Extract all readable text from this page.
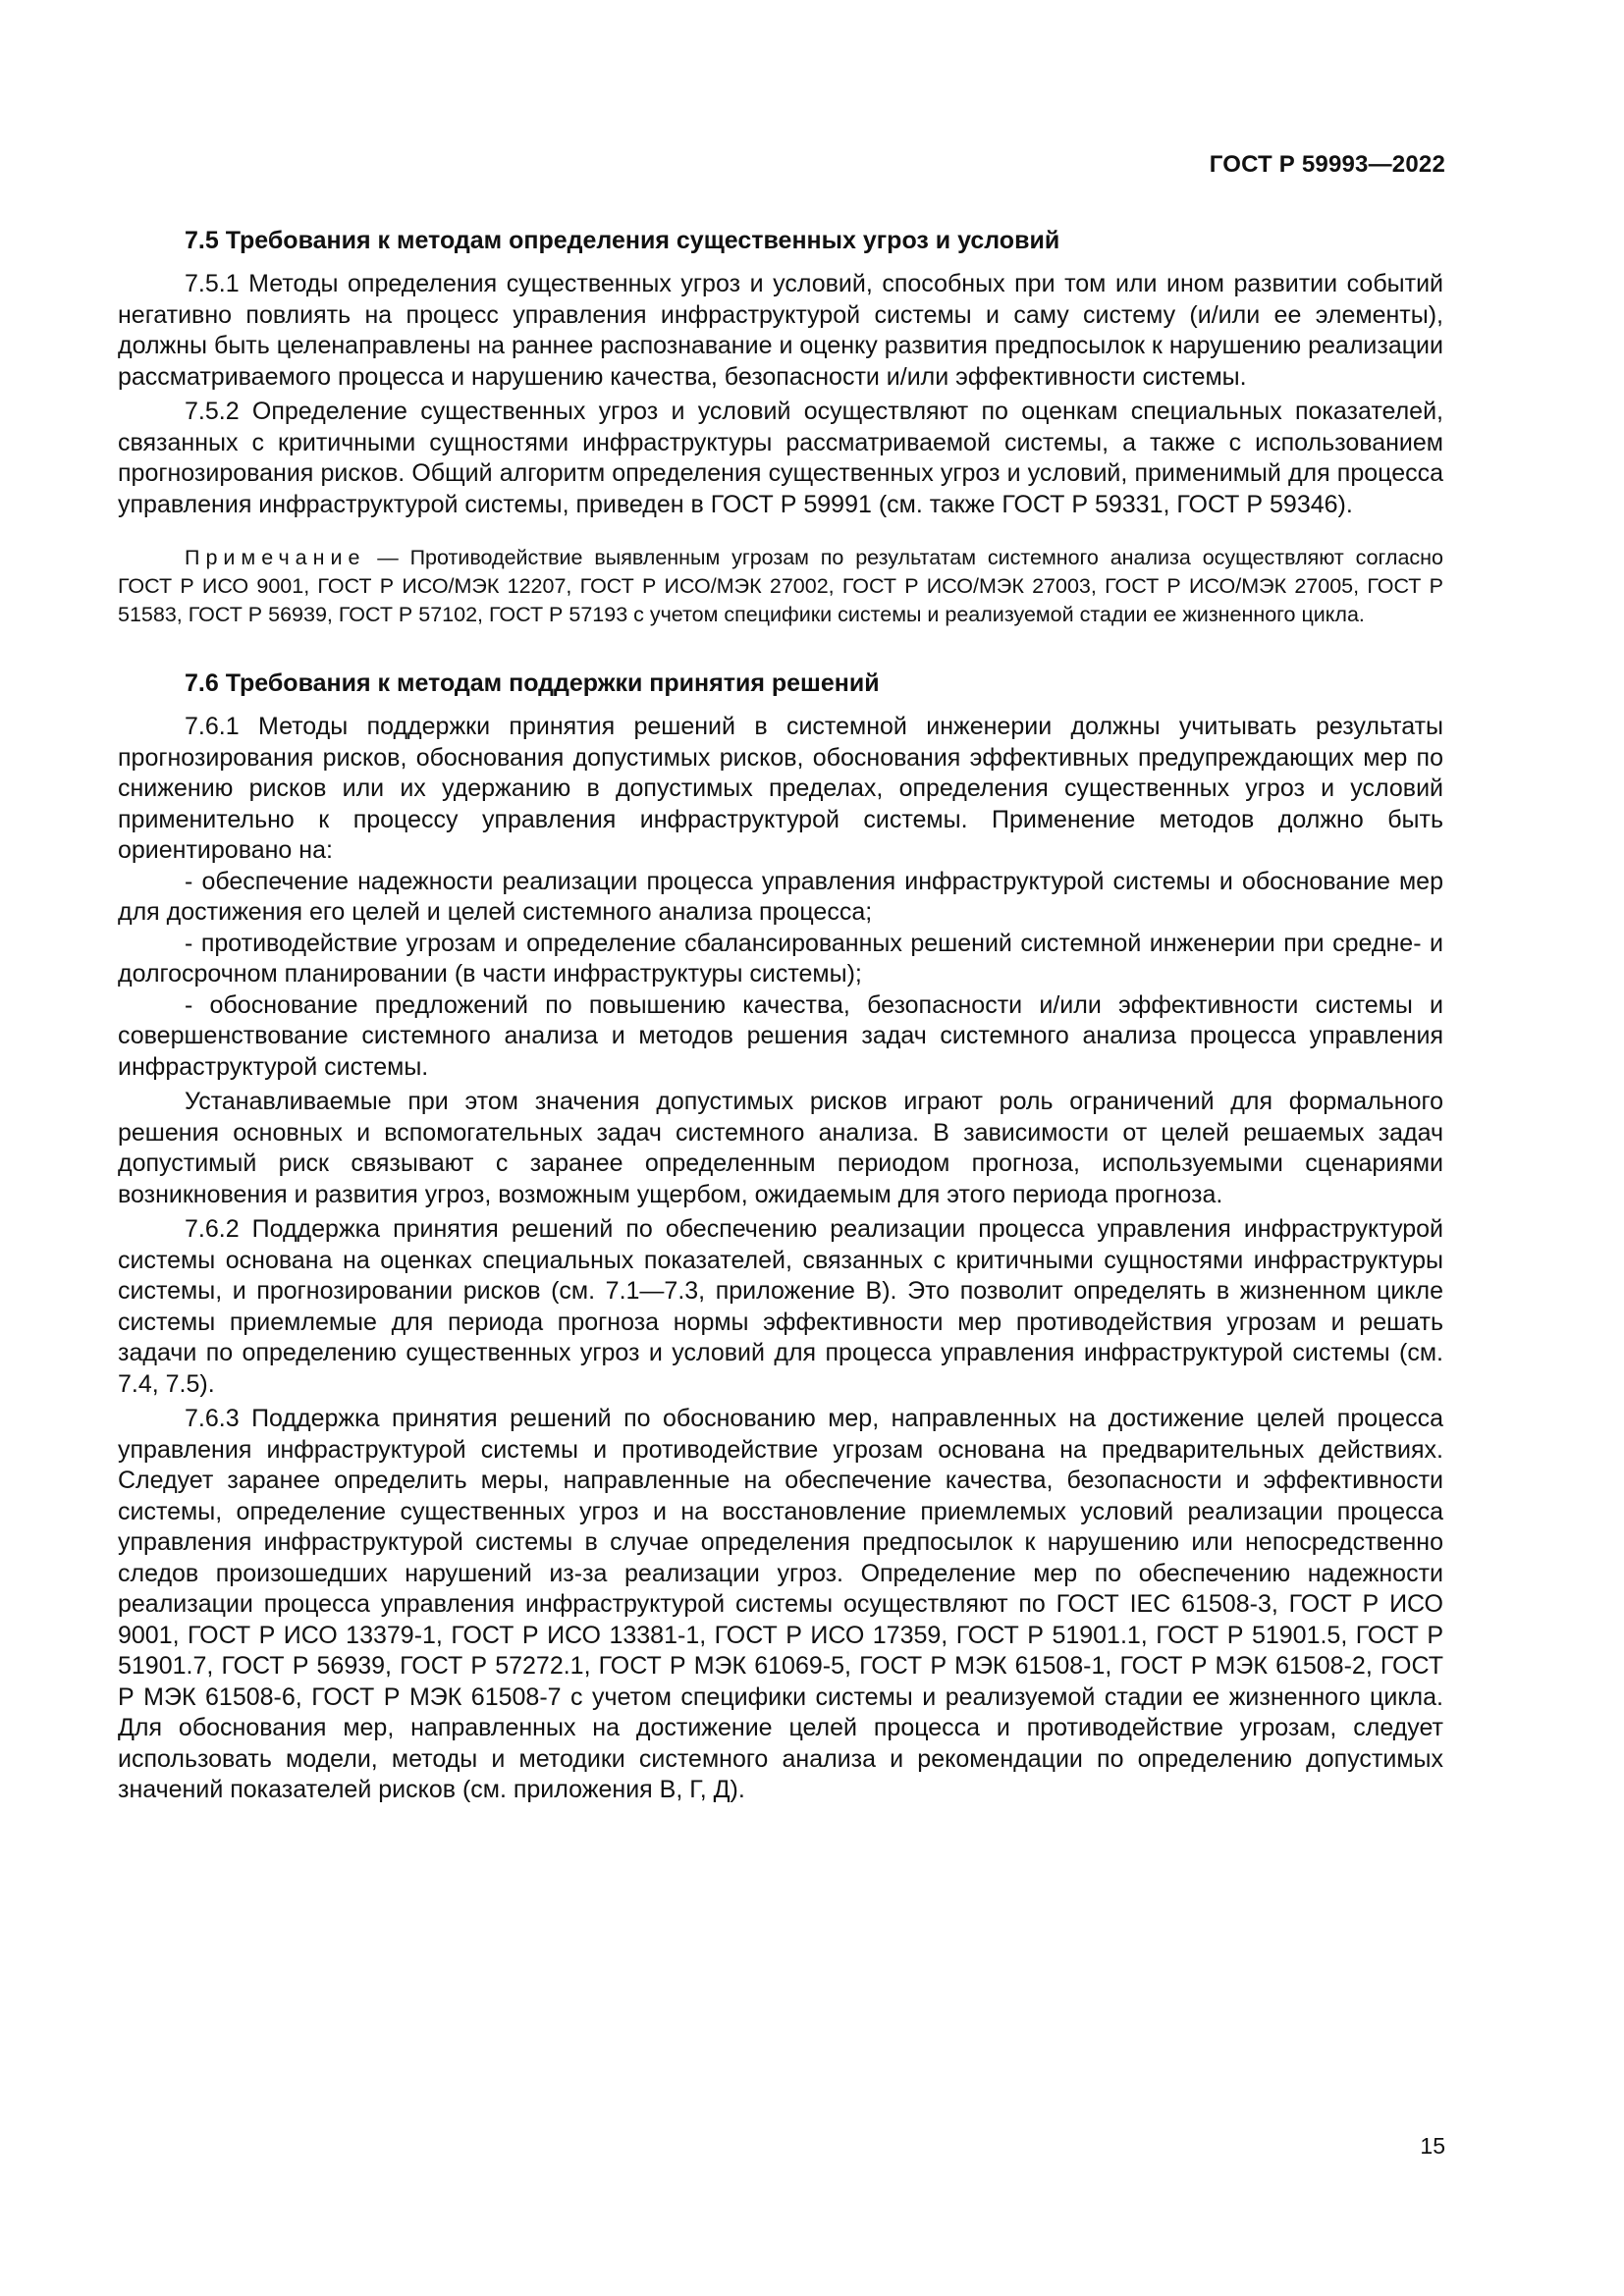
ГОСТ Р 59993—2022
7.5 Требования к методам определения существенных угроз и условий

7.5.1 Методы определения существенных угроз и условий, способных при том или ином развитии событий негативно повлиять на процесс управления инфраструктурой системы и саму систему (и/или ее элементы), должны быть целенаправлены на раннее распознавание и оценку развития предпосылок к нарушению реализации рассматриваемого процесса и нарушению качества, безопасности и/или эффективности системы.

7.5.2 Определение существенных угроз и условий осуществляют по оценкам специальных показателей, связанных с критичными сущностями инфраструктуры рассматриваемой системы, а также с использованием прогнозирования рисков. Общий алгоритм определения существенных угроз и условий, применимый для процесса управления инфраструктурой системы, приведен в ГОСТ Р 59991 (см. также ГОСТ Р 59331, ГОСТ Р 59346).

Примечание — Противодействие выявленным угрозам по результатам системного анализа осуществляют согласно ГОСТ Р ИСО 9001, ГОСТ Р ИСО/МЭК 12207, ГОСТ Р ИСО/МЭК 27002, ГОСТ Р ИСО/МЭК 27003, ГОСТ Р ИСО/МЭК 27005, ГОСТ Р 51583, ГОСТ Р 56939, ГОСТ Р 57102, ГОСТ Р 57193 с учетом специфики системы и реализуемой стадии ее жизненного цикла.

7.6 Требования к методам поддержки принятия решений

7.6.1 Методы поддержки принятия решений в системной инженерии должны учитывать результаты прогнозирования рисков, обоснования допустимых рисков, обоснования эффективных предупреждающих мер по снижению рисков или их удержанию в допустимых пределах, определения существенных угроз и условий применительно к процессу управления инфраструктурой системы. Применение методов должно быть ориентировано на:

- обеспечение надежности реализации процесса управления инфраструктурой системы и обоснование мер для достижения его целей и целей системного анализа процесса;

- противодействие угрозам и определение сбалансированных решений системной инженерии при средне- и долгосрочном планировании (в части инфраструктуры системы);

- обоснование предложений по повышению качества, безопасности и/или эффективности системы и совершенствование системного анализа и методов решения задач системного анализа процесса управления инфраструктурой системы.

Устанавливаемые при этом значения допустимых рисков играют роль ограничений для формального решения основных и вспомогательных задач системного анализа. В зависимости от целей решаемых задач допустимый риск связывают с заранее определенным периодом прогноза, используемыми сценариями возникновения и развития угроз, возможным ущербом, ожидаемым для этого периода прогноза.

7.6.2 Поддержка принятия решений по обеспечению реализации процесса управления инфраструктурой системы основана на оценках специальных показателей, связанных с критичными сущностями инфраструктуры системы, и прогнозировании рисков (см. 7.1—7.3, приложение В). Это позволит определять в жизненном цикле системы приемлемые для периода прогноза нормы эффективности мер противодействия угрозам и решать задачи по определению существенных угроз и условий для процесса управления инфраструктурой системы (см. 7.4, 7.5).

7.6.3 Поддержка принятия решений по обоснованию мер, направленных на достижение целей процесса управления инфраструктурой системы и противодействие угрозам основана на предварительных действиях. Следует заранее определить меры, направленные на обеспечение качества, безопасности и эффективности системы, определение существенных угроз и на восстановление приемлемых условий реализации процесса управления инфраструктурой системы в случае определения предпосылок к нарушению или непосредственно следов произошедших нарушений из-за реализации угроз. Определение мер по обеспечению надежности реализации процесса управления инфраструктурой системы осуществляют по ГОСТ IEC 61508-3, ГОСТ Р ИСО 9001, ГОСТ Р ИСО 13379-1, ГОСТ Р ИСО 13381-1, ГОСТ Р ИСО 17359, ГОСТ Р 51901.1, ГОСТ Р 51901.5, ГОСТ Р 51901.7, ГОСТ Р 56939, ГОСТ Р 57272.1, ГОСТ Р МЭК 61069-5, ГОСТ Р МЭК 61508-1, ГОСТ Р МЭК 61508-2, ГОСТ Р МЭК 61508-6, ГОСТ Р МЭК 61508-7 с учетом специфики системы и реализуемой стадии ее жизненного цикла. Для обоснования мер, направленных на достижение целей процесса и противодействие угрозам, следует использовать модели, методы и методики системного анализа и рекомендации по определению допустимых значений показателей рисков (см. приложения В, Г, Д).

15
